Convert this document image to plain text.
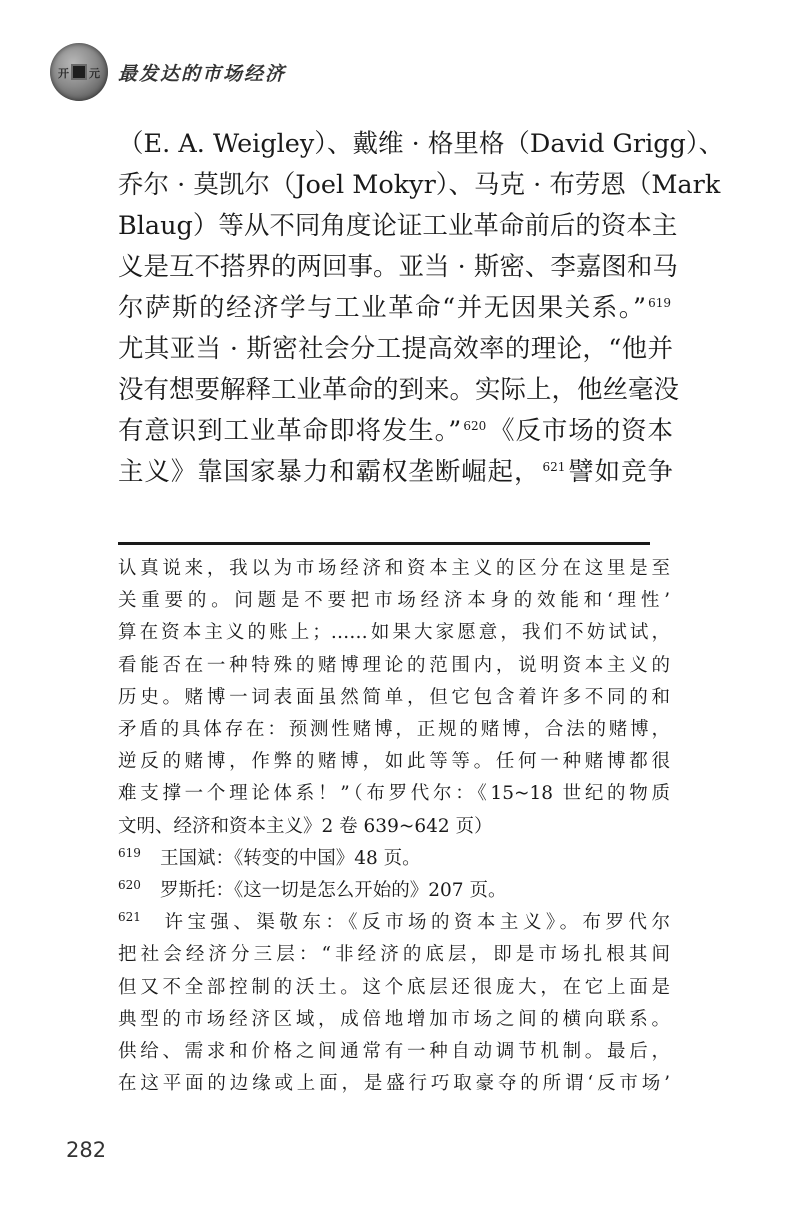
开 元 最发达的市场经济

（E. A. Weigley）、戴维 · 格里格（David Grigg）、
乔尔 · 莫凯尔（Joel Mokyr）、马克 · 布劳恩（Mark
Blaug）等从不同角度论证工业革命前后的资本主
义是互不搭界的两回事。亚当 · 斯密、李嘉图和马
尔萨斯的经济学与工业革命“并无因果关系。” $^{619}$
尤其亚当 · 斯密社会分工提高效率的理论，“他并
没有想要解释工业革命的到来。实际上，他丝毫没
有意识到工业革命即将发生。” $^{620}$《反市场的资本
主义》靠国家暴力和霸权垄断崛起， $^{621}$譬如竞争

认真说来，我以为市场经济和资本主义的区分在这里是至
关重要的。问题是不要把市场经济本身的效能和‘理性’
算在资本主义的账上；……如果大家愿意，我们不妨试试，
看能否在一种特殊的赌博理论的范围内，说明资本主义的
历史。赌博一词表面虽然简单，但它包含着许多不同的和
矛盾的具体存在：预测性赌博，正规的赌博，合法的赌博，
逆反的赌博，作弊的赌博，如此等等。任何一种赌博都很
难支撑一个理论体系！”（布罗代尔：《15~18 世纪的物质
文明、经济和资本主义》2 卷 639~642 页）
619 王国斌：《转变的中国》48 页。
620 罗斯托：《这一切是怎么开始的》207 页。
621 许宝强、渠敬东：《反市场的资本主义》。布罗代尔
把社会经济分三层：“非经济的底层，即是市场扎根其间
但又不全部控制的沃土。这个底层还很庞大，在它上面是
典型的市场经济区域，成倍地增加市场之间的横向联系。
供给、需求和价格之间通常有一种自动调节机制。最后，
在这平面的边缘或上面，是盛行巧取豪夺的所谓‘反市场’
282
